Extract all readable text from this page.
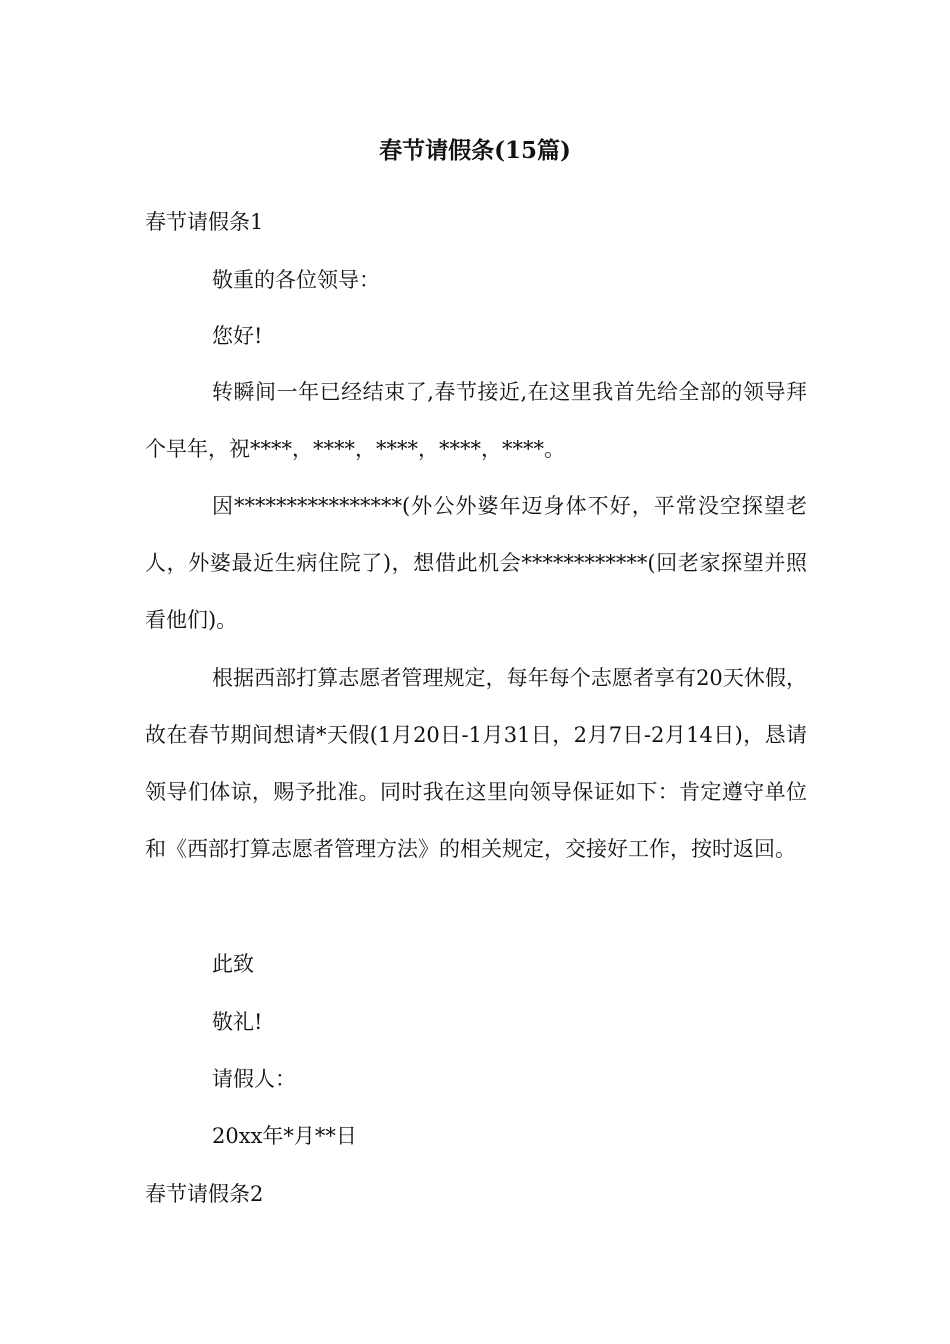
春节请假条(15篇)

春节请假条1

敬重的各位领导：

您好!

转瞬间一年已经结束了,春节接近,在这里我首先给全部的领导拜个早年，祝****，****，****，****，****。

因****************(外公外婆年迈身体不好，平常没空探望老人，外婆最近生病住院了)，想借此机会************(回老家探望并照看他们)。

根据西部打算志愿者管理规定，每年每个志愿者享有20天休假，故在春节期间想请*天假(1月20日-1月31日，2月7日-2月14日)，恳请领导们体谅，赐予批准。同时我在这里向领导保证如下：肯定遵守单位和《西部打算志愿者管理方法》的相关规定，交接好工作，按时返回。

此致

敬礼!

请假人：

20xx年*月**日

春节请假条2
